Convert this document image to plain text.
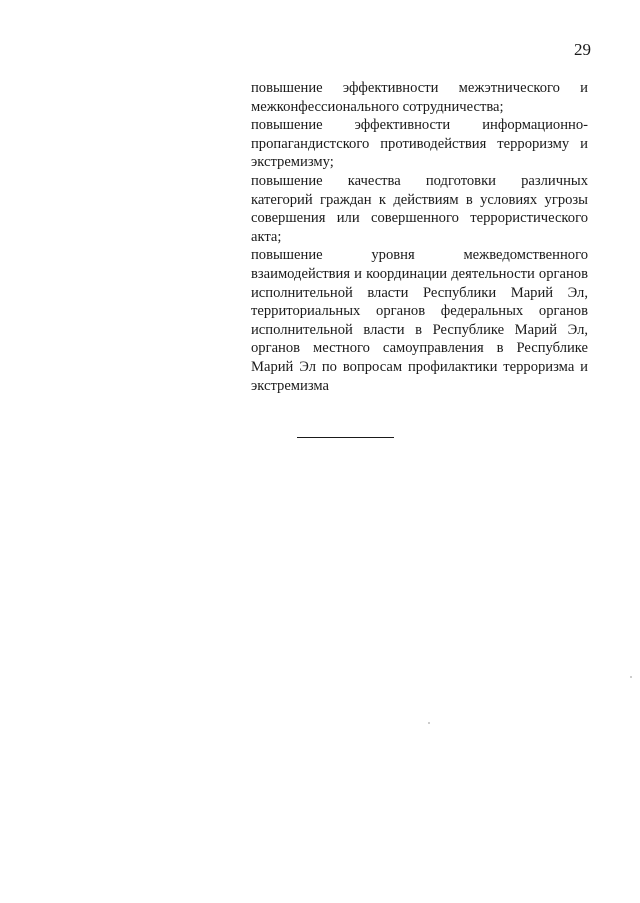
29

повышение эффективности межэтнического и межконфессионального сотрудничества;

повышение эффективности информационно-пропагандистского противодействия терроризму и экстремизму;

повышение качества подготовки различных категорий граждан к действиям в условиях угрозы совершения или совершенного террористического акта;

повышение уровня межведомственного взаимодействия и координации деятельности органов исполнительной власти Республики Марий Эл, территориальных органов федеральных органов исполнительной власти в Республике Марий Эл, органов местного самоуправления в Республике Марий Эл по вопросам профилактики терроризма и экстремизма
